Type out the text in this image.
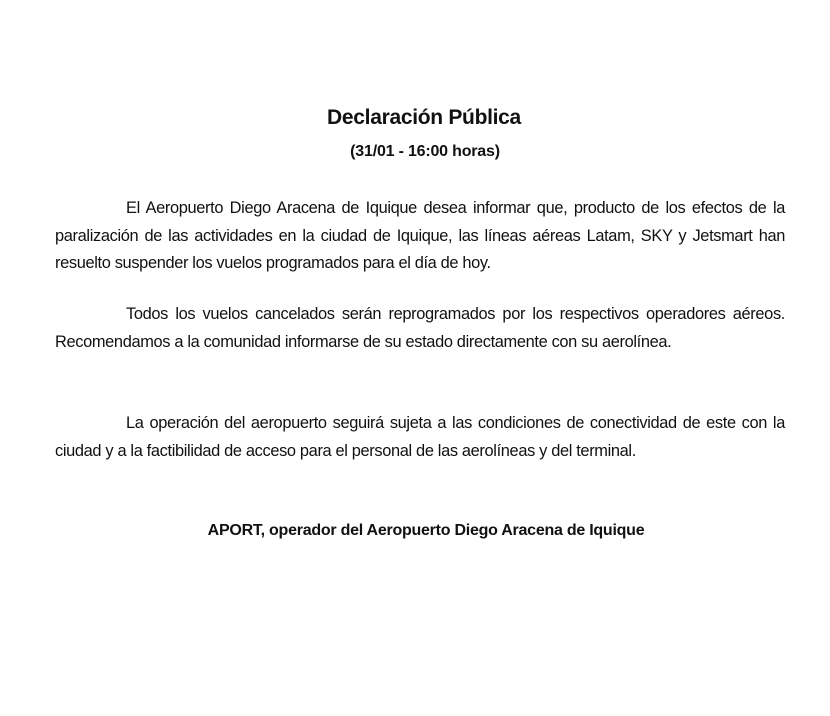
Declaración Pública
(31/01 - 16:00 horas)

El Aeropuerto Diego Aracena de Iquique desea informar que, producto de los efectos de la paralización de las actividades en la ciudad de Iquique, las líneas aéreas Latam, SKY y Jetsmart han resuelto suspender los vuelos programados para el día de hoy.

Todos los vuelos cancelados serán reprogramados por los respectivos operadores aéreos. Recomendamos a la comunidad informarse de su estado directamente con su aerolínea.

La operación del aeropuerto seguirá sujeta a las condiciones de conectividad de este con la ciudad y a la factibilidad de acceso para el personal de las aerolíneas y del terminal.

APORT, operador del Aeropuerto Diego Aracena de Iquique
